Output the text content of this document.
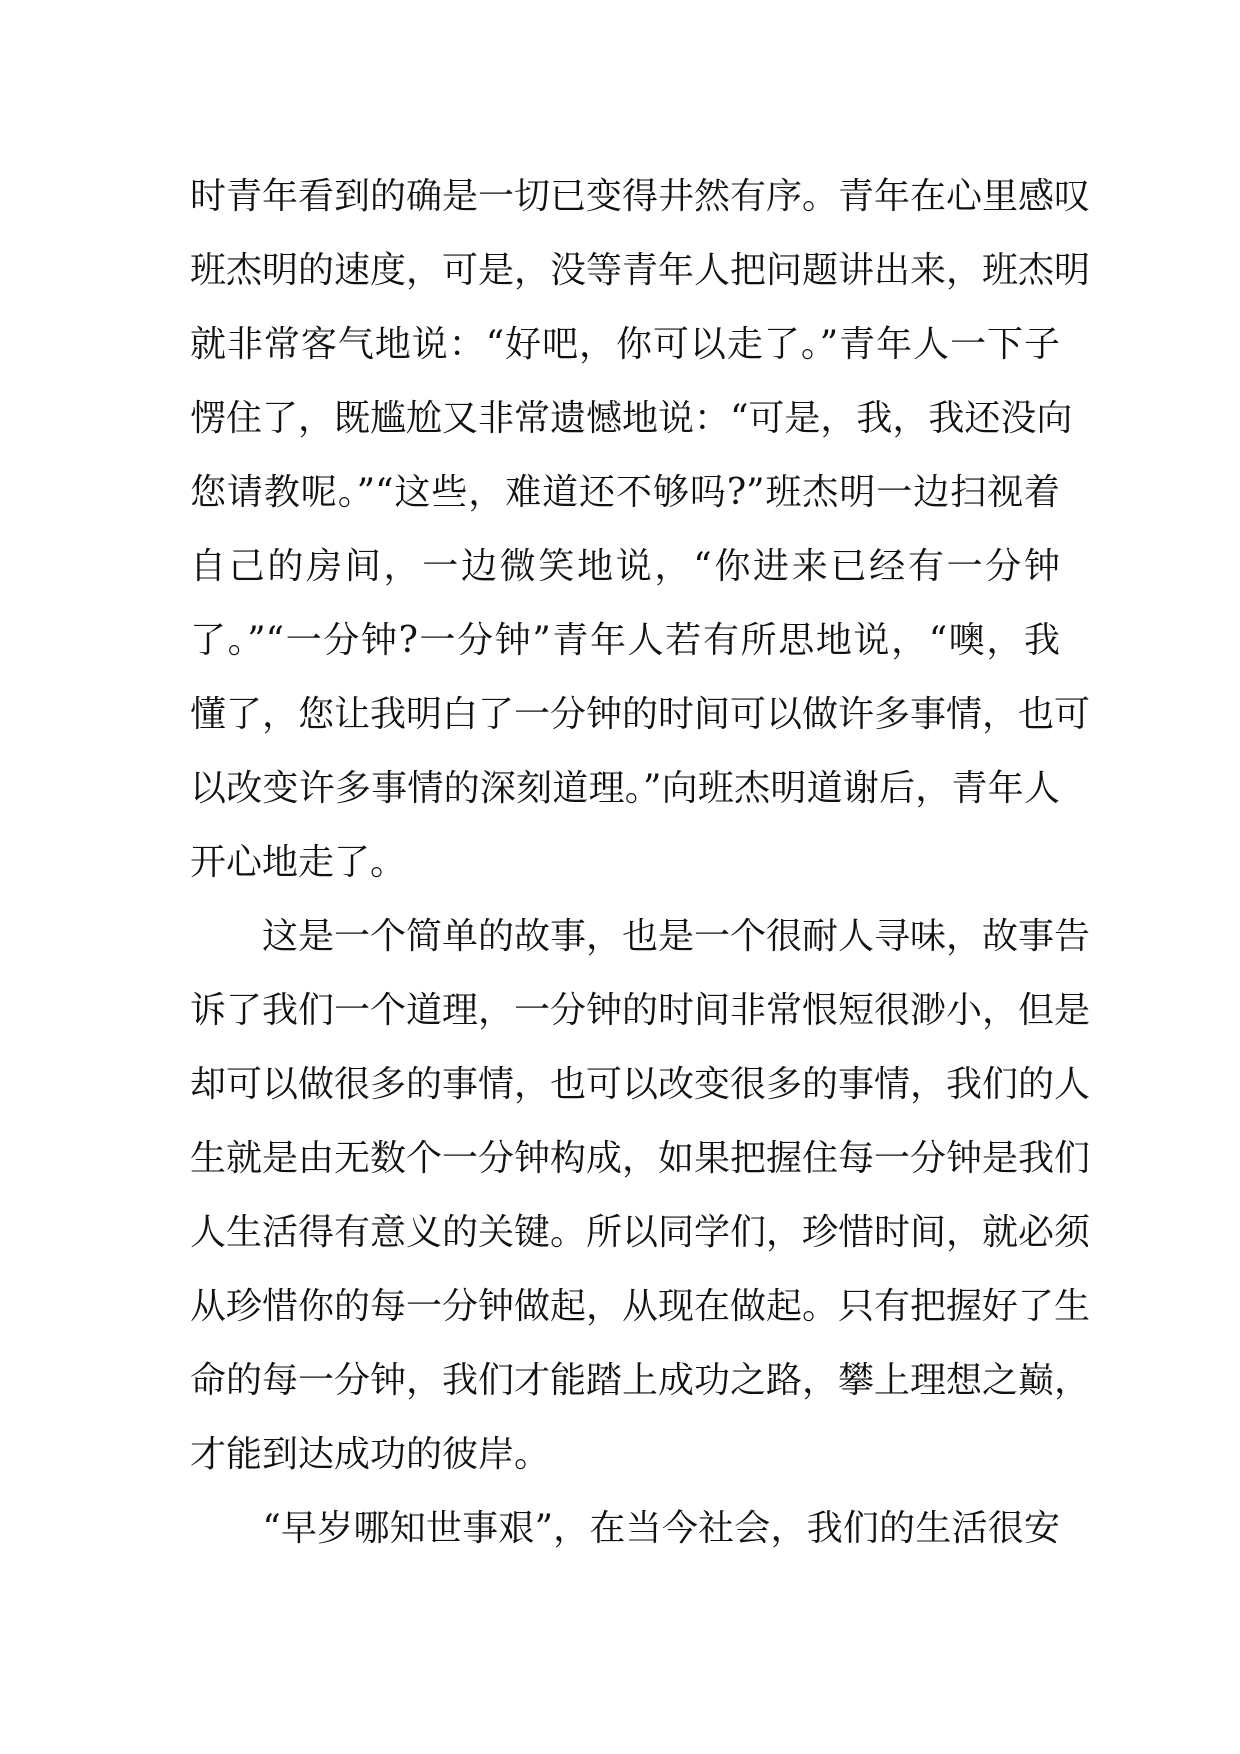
时青年看到的确是一切已变得井然有序。青年在心里感叹
班杰明的速度，可是，没等青年人把问题讲出来，班杰明
就非常客气地说：“好吧，你可以走了。”青年人一下子
愣住了，既尴尬又非常遗憾地说：“可是，我，我还没向
您请教呢。”“这些，难道还不够吗?”班杰明一边扫视着
自己的房间，一边微笑地说，“你进来已经有一分钟
了。”“一分钟?一分钟”青年人若有所思地说，“噢，我
懂了，您让我明白了一分钟的时间可以做许多事情，也可
以改变许多事情的深刻道理。”向班杰明道谢后，青年人
开心地走了。
　　这是一个简单的故事，也是一个很耐人寻味，故事告
诉了我们一个道理，一分钟的时间非常恨短很渺小，但是
却可以做很多的事情，也可以改变很多的事情，我们的人
生就是由无数个一分钟构成，如果把握住每一分钟是我们
人生活得有意义的关键。所以同学们，珍惜时间，就必须
从珍惜你的每一分钟做起，从现在做起。只有把握好了生
命的每一分钟，我们才能踏上成功之路，攀上理想之巅，
才能到达成功的彼岸。
　　“早岁哪知世事艰”，在当今社会，我们的生活很安
